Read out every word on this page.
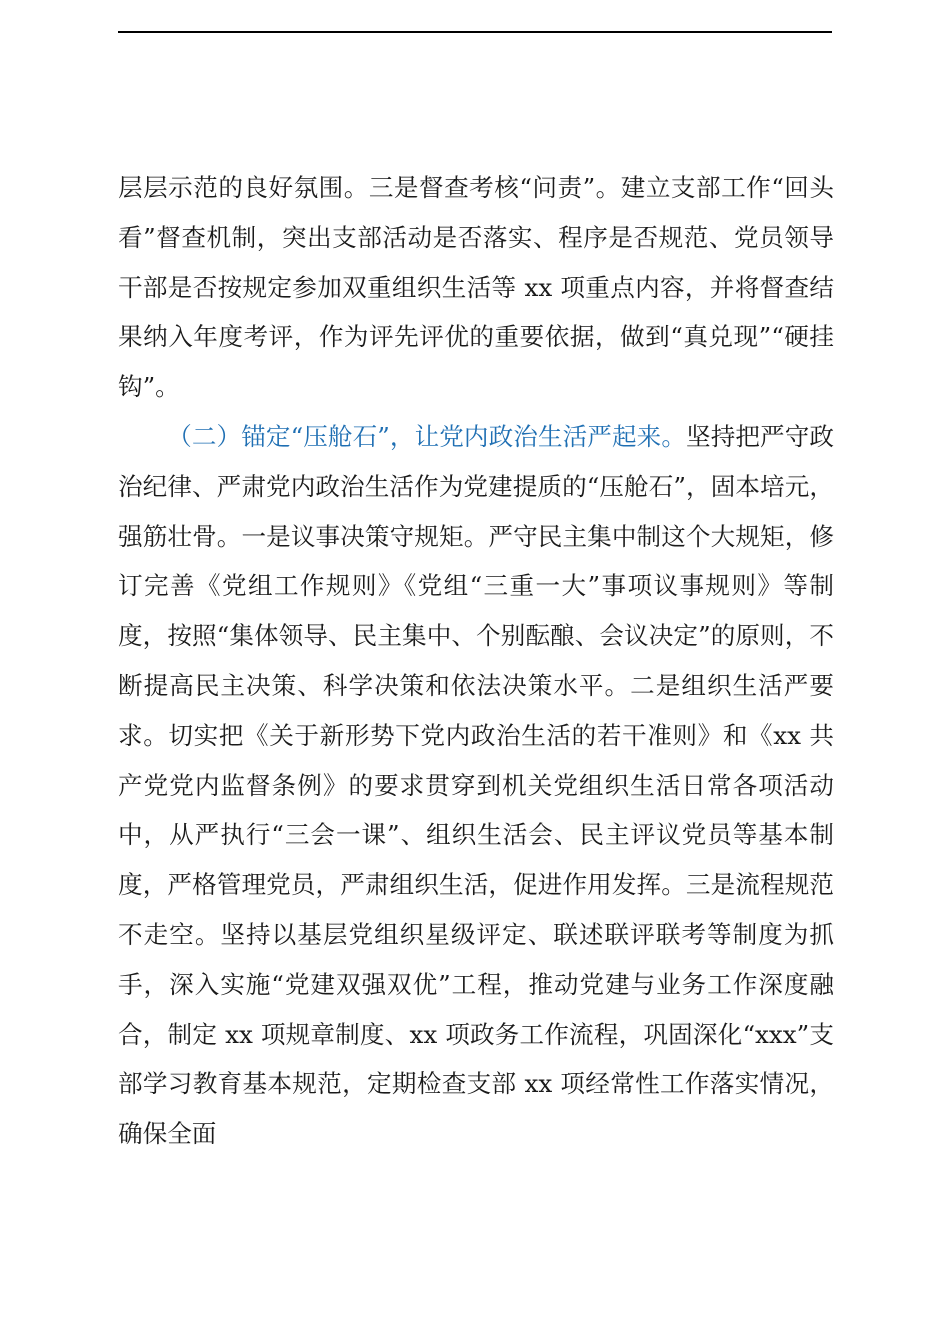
层层示范的良好氛围。三是督查考核“问责”。建立支部工作“回头看”督查机制，突出支部活动是否落实、程序是否规范、党员领导干部是否按规定参加双重组织生活等 xx 项重点内容，并将督查结果纳入年度考评，作为评先评优的重要依据，做到“真兑现”“硬挂钩”。

（二）锚定“压舱石”，让党内政治生活严起来。坚持把严守政治纪律、严肃党内政治生活作为党建提质的“压舱石”，固本培元，强筋壮骨。一是议事决策守规矩。严守民主集中制这个大规矩，修订完善《党组工作规则》《党组“三重一大”事项议事规则》等制度，按照“集体领导、民主集中、个别酝酿、会议决定”的原则，不断提高民主决策、科学决策和依法决策水平。二是组织生活严要求。切实把《关于新形势下党内政治生活的若干准则》和《xx 共产党党内监督条例》的要求贯穿到机关党组织生活日常各项活动中，从严执行“三会一课”、组织生活会、民主评议党员等基本制度，严格管理党员，严肃组织生活，促进作用发挥。三是流程规范不走空。坚持以基层党组织星级评定、联述联评联考等制度为抓手，深入实施“党建双强双优”工程，推动党建与业务工作深度融合，制定 xx 项规章制度、xx 项政务工作流程，巩固深化“xxx”支部学习教育基本规范，定期检查支部 xx 项经常性工作落实情况，确保全面
